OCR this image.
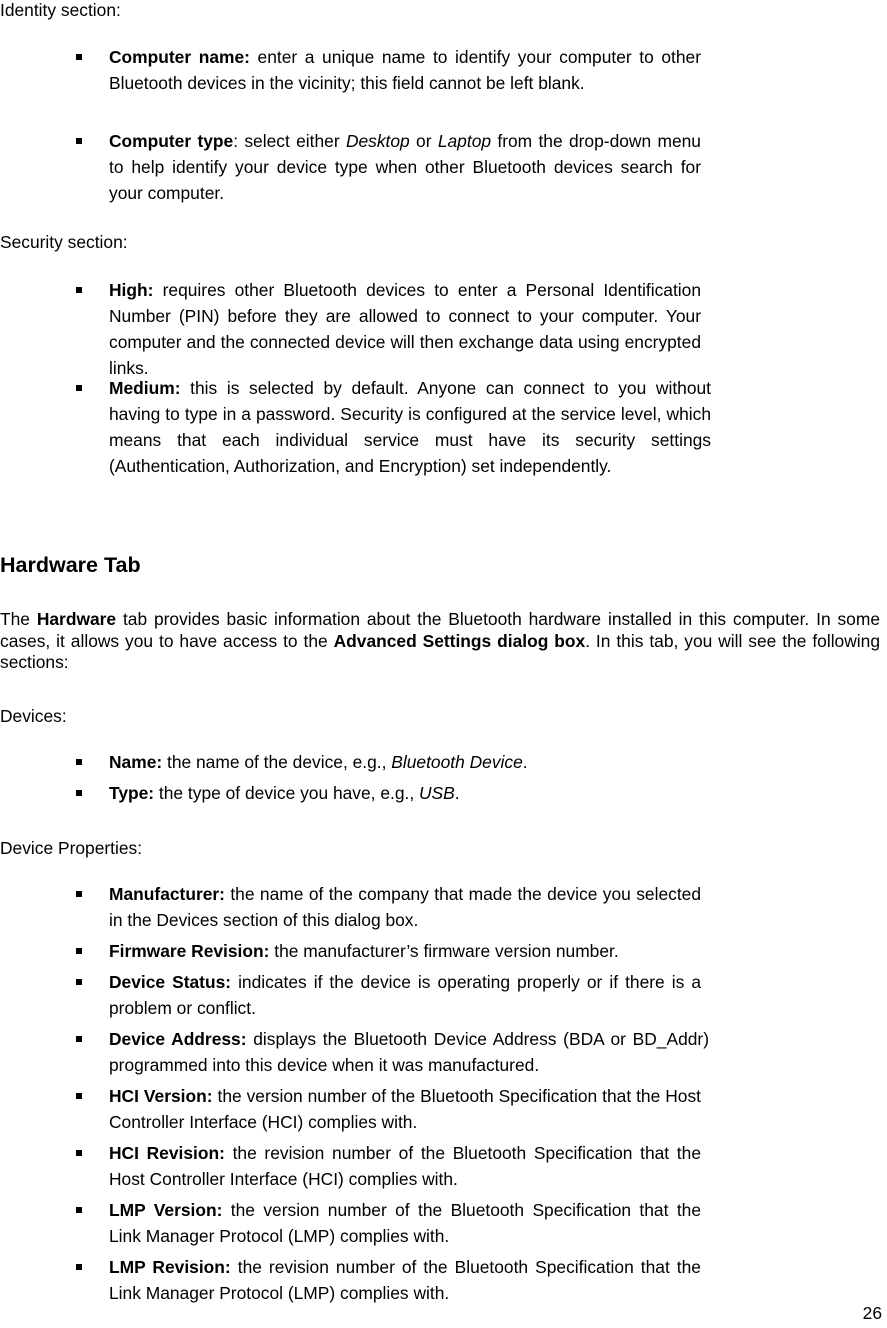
Identity section:

Computer name: enter a unique name to identify your computer to other Bluetooth devices in the vicinity; this field cannot be left blank.
Computer type: select either Desktop or Laptop from the drop-down menu to help identify your device type when other Bluetooth devices search for your computer.

Security section:

High: requires other Bluetooth devices to enter a Personal Identification Number (PIN) before they are allowed to connect to your computer. Your computer and the connected device will then exchange data using encrypted links.
Medium: this is selected by default. Anyone can connect to you without having to type in a password. Security is configured at the service level, which means that each individual service must have its security settings (Authentication, Authorization, and Encryption) set independently.
Hardware Tab

The Hardware tab provides basic information about the Bluetooth hardware installed in this computer. In some cases, it allows you to have access to the Advanced Settings dialog box. In this tab, you will see the following sections:

Devices:

Name: the name of the device, e.g., Bluetooth Device.
Type: the type of device you have, e.g., USB.

Device Properties:

Manufacturer: the name of the company that made the device you selected in the Devices section of this dialog box.
Firmware Revision: the manufacturer’s firmware version number.
Device Status: indicates if the device is operating properly or if there is a problem or conflict.
Device Address: displays the Bluetooth Device Address (BDA or BD_Addr) programmed into this device when it was manufactured.
HCI Version: the version number of the Bluetooth Specification that the Host Controller Interface (HCI) complies with.
HCI Revision: the revision number of the Bluetooth Specification that the Host Controller Interface (HCI) complies with.
LMP Version: the version number of the Bluetooth Specification that the Link Manager Protocol (LMP) complies with.
LMP Revision: the revision number of the Bluetooth Specification that the Link Manager Protocol (LMP) complies with.
26
